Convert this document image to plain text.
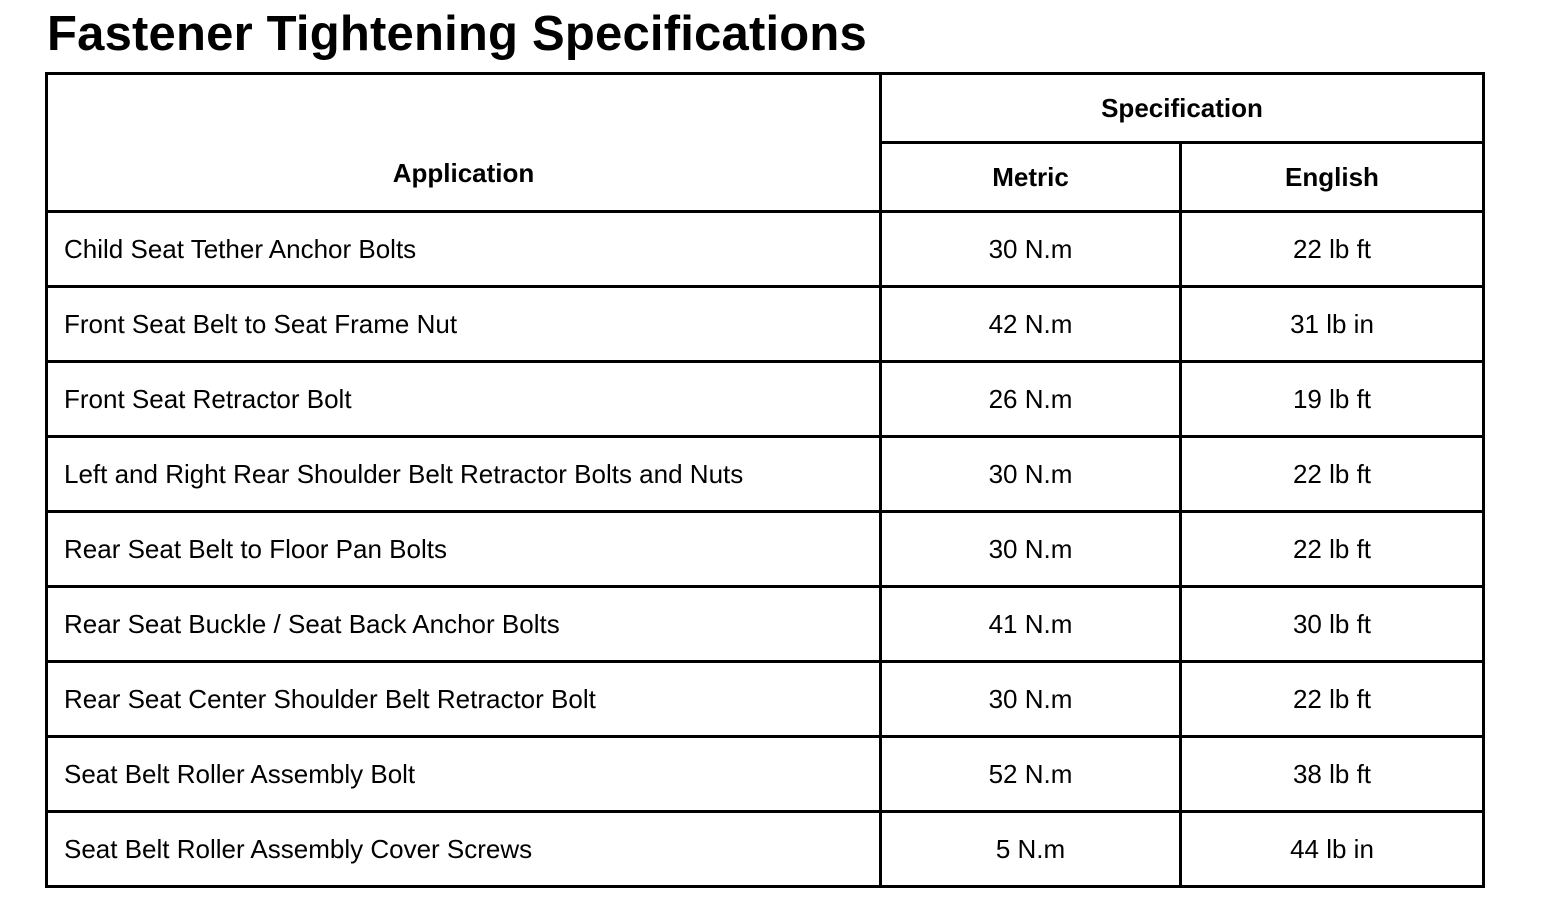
Fastener Tightening Specifications
Application	Specification	
	Metric	English
Child Seat Tether Anchor Bolts	30 N.m	22 lb ft
Front Seat Belt to Seat Frame Nut	42 N.m	31 lb in
Front Seat Retractor Bolt	26 N.m	19 lb ft
Left and Right Rear Shoulder Belt Retractor Bolts and Nuts	30 N.m	22 lb ft
Rear Seat Belt to Floor Pan Bolts	30 N.m	22 lb ft
Rear Seat Buckle / Seat Back Anchor Bolts	41 N.m	30 lb ft
Rear Seat Center Shoulder Belt Retractor Bolt	30 N.m	22 lb ft
Seat Belt Roller Assembly Bolt	52 N.m	38 lb ft
Seat Belt Roller Assembly Cover Screws	5 N.m	44 lb in
